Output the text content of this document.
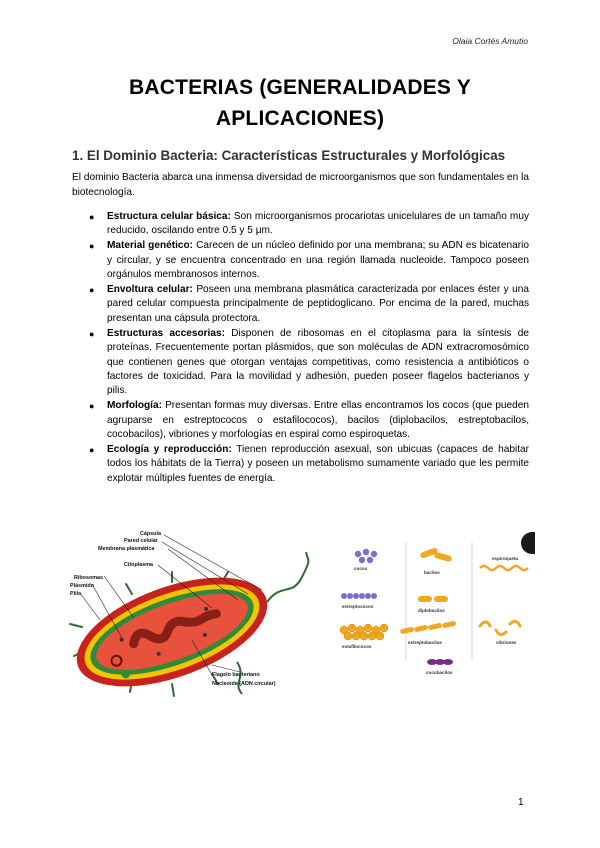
Olaia Cortés Amutio
BACTERIAS (GENERALIDADES Y APLICACIONES)
1. El Dominio Bacteria: Características Estructurales y Morfológicas

El dominio Bacteria abarca una inmensa diversidad de microorganismos que son fundamentales en la biotecnología.

● Estructura celular básica: Son microorganismos procariotas unicelulares de un tamaño muy reducido, oscilando entre 0.5 y 5 μm.
● Material genético: Carecen de un núcleo definido por una membrana; su ADN es bicatenario y circular, y se encuentra concentrado en una región llamada nucleoide. Tampoco poseen orgánulos membranosos internos.
● Envoltura celular: Poseen una membrana plasmática caracterizada por enlaces éster y una pared celular compuesta principalmente de peptidoglicano. Por encima de la pared, muchas presentan una cápsula protectora.
● Estructuras accesorias: Disponen de ribosomas en el citoplasma para la síntesis de proteínas. Frecuentemente portan plásmidos, que son moléculas de ADN extracromosómico que contienen genes que otorgan ventajas competitivas, como resistencia a antibióticos o factores de toxicidad. Para la movilidad y adhesión, pueden poseer flagelos bacterianos y pilis.
● Morfología: Presentan formas muy diversas. Entre ellas encontramos los cocos (que pueden agruparse en estreptococos o estafilococos), bacilos (diplobacilos, estreptobacilos, cocobacilos), vibriones y morfologías en espiral como espiroquetas.
● Ecología y reproducción: Tienen reproducción asexual, son ubicuas (capaces de habitar todos los hábitats de la Tierra) y poseen un metabolismo sumamente variado que les permite explotar múltiples fuentes de energía.
Cápsula
Pared celular
Membrana plasmática
Citoplasma
Ribosomas
Plásmido
Pilis
Flagelo bacteriano
Nucleoide (ADN circular)
cocos
bacilos
espiroqueta
estreptococos
diplobacilos
estafilococos
estreptobacilos	vibriones
cocobacilos
1
